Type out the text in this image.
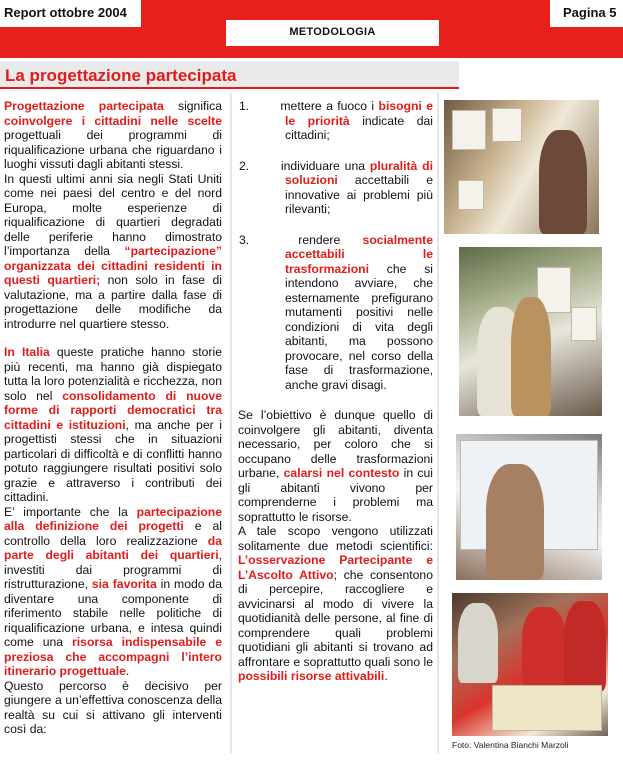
Report ottobre 2004	Pagina 5
METODOLOGIA
La progettazione partecipata

Progettazione partecipata significa coinvolgere i cittadini nelle scelte progettuali dei programmi di riqualificazione urbana che riguardano i luoghi vissuti dagli abitanti stessi.

In questi ultimi anni sia negli Stati Uniti come nei paesi del centro e del nord Europa, molte esperienze di riqualificazione di quartieri degradati delle periferie hanno dimostrato l’importanza della “partecipazione” organizzata dei cittadini residenti in questi quartieri; non solo in fase di valutazione, ma a partire dalla fase di progettazione delle modifiche da introdurre nel quartiere stesso.

In Italia queste pratiche hanno storie più recenti, ma hanno già dispiegato tutta la loro potenzialità e ricchezza, non solo nel consolidamento di nuove forme di rapporti democratici tra cittadini e istituzioni, ma anche per i progettisti stessi che in situazioni particolari di difficoltà e di conflitti hanno potuto raggiungere risultati positivi solo grazie e attraverso i contributi dei cittadini.

E’ importante che la partecipazione alla definizione dei progetti e al controllo della loro realizzazione da parte degli abitanti dei quartieri, investiti dai programmi di ristrutturazione, sia favorita in modo da diventare una componente di riferimento stabile nelle politiche di riqualificazione urbana, e intesa quindi come una risorsa indispensabile e preziosa che accompagni l’intero itinerario progettuale.

Questo percorso è decisivo per giungere a un’effettiva conoscenza della realtà su cui si attivano gli interventi così da:

1.	mettere a fuoco i bisogni e le priorità indicate dai cittadini;

2.	individuare una pluralità di soluzioni accettabili e innovative ai problemi più rilevanti;

3.	rendere socialmente accettabili le trasformazioni che si intendono avviare, che esternamente prefigurano mutamenti positivi nelle condizioni di vita degli abitanti, ma possono provocare, nel corso della fase di trasformazione, anche gravi disagi.

Se l’obiettivo è dunque quello di coinvolgere gli abitanti, diventa necessario, per coloro che si occupano delle trasformazioni urbane, calarsi nel contesto in cui gli abitanti vivono per comprenderne i problemi ma soprattutto le risorse.

A tale scopo vengono utilizzati solitamente due metodi scientifici: L’osservazione Partecipante e L’Ascolto Attivo; che consentono di percepire, raccogliere e avvicinarsi al modo di vivere la quotidianità delle persone, al fine di comprendere quali problemi quotidiani gli abitanti si trovano ad affrontare e soprattutto quali sono le possibili risorse attivabili.

Foto: Valentina Bianchi Marzoli
